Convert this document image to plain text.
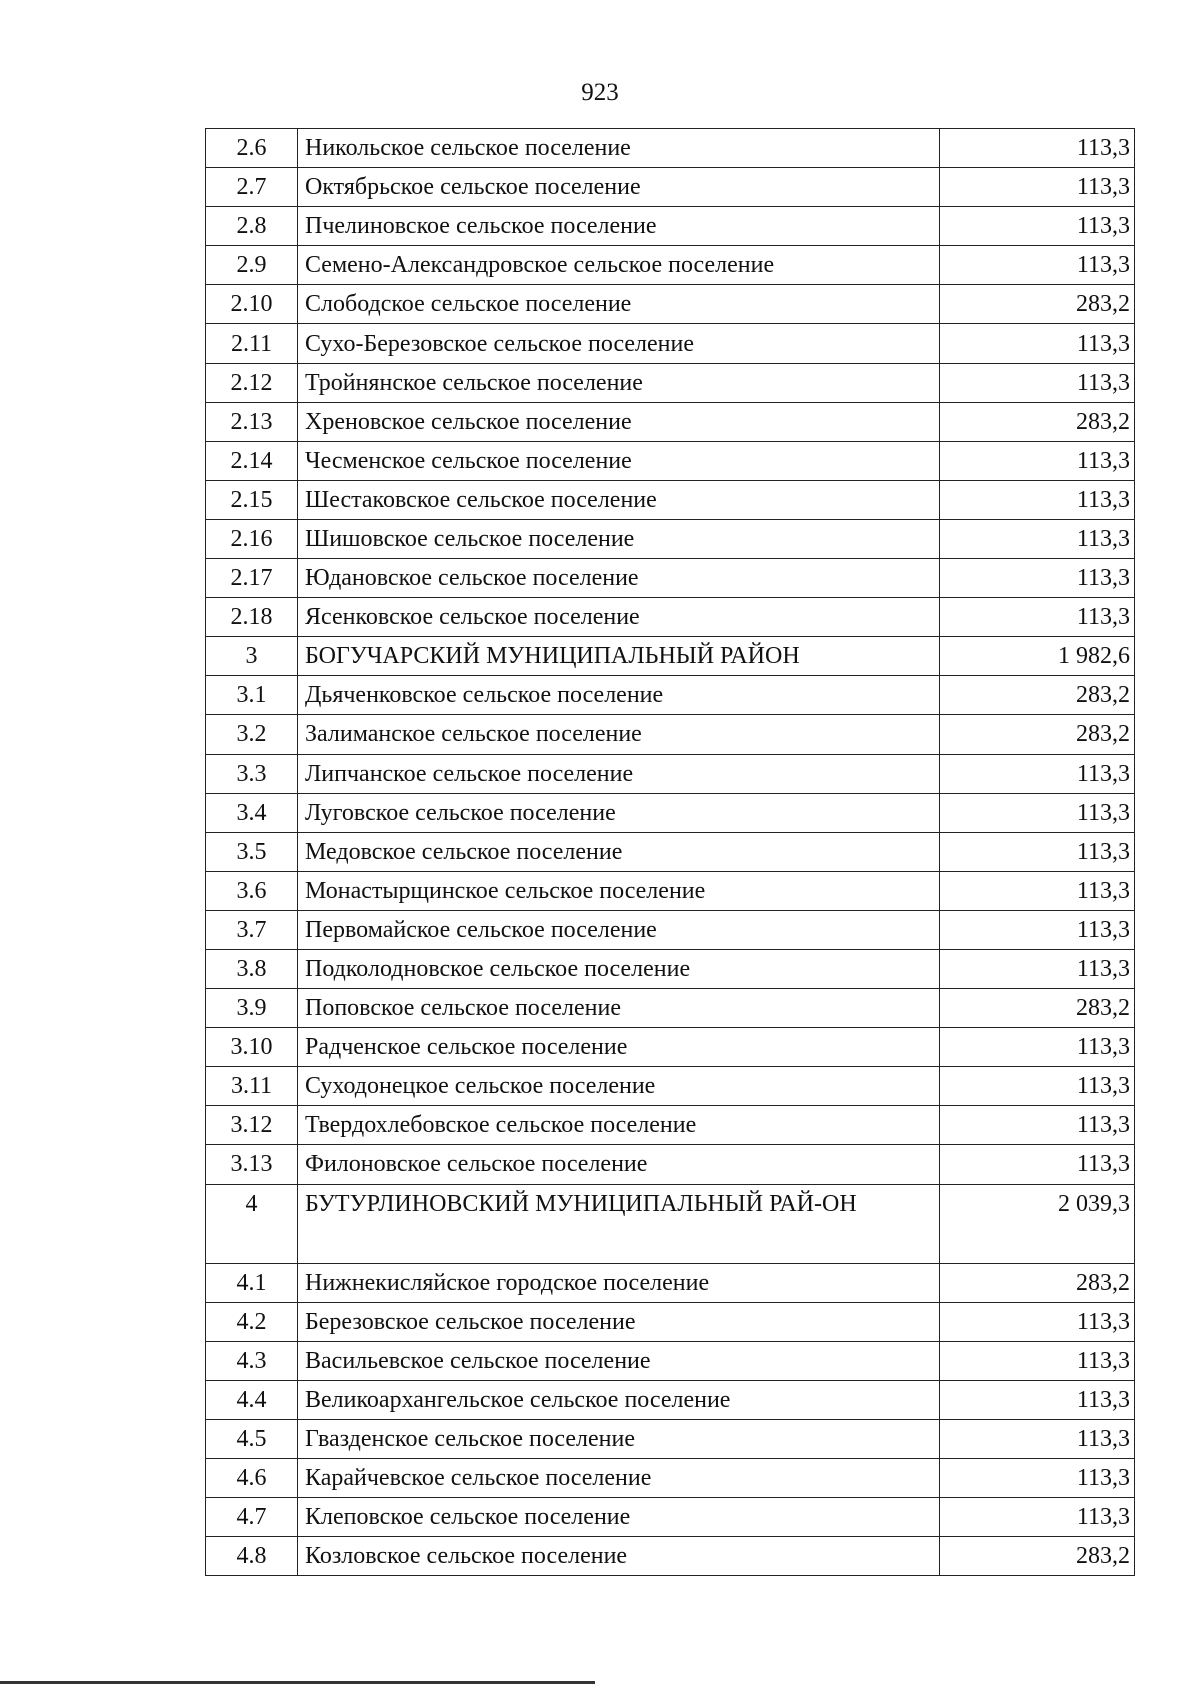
923
2.6	Никольское сельское поселение	113,3
2.7	Октябрьское сельское поселение	113,3
2.8	Пчелиновское сельское поселение	113,3
2.9	Семено-Александровское сельское поселение	113,3
2.10	Слободское сельское поселение	283,2
2.11	Сухо-Березовское сельское поселение	113,3
2.12	Тройнянское сельское поселение	113,3
2.13	Хреновское сельское поселение	283,2
2.14	Чесменское сельское поселение	113,3
2.15	Шестаковское сельское поселение	113,3
2.16	Шишовское сельское поселение	113,3
2.17	Юдановское сельское поселение	113,3
2.18	Ясенковское сельское поселение	113,3
3	БОГУЧАРСКИЙ МУНИЦИПАЛЬНЫЙ РАЙОН	1 982,6
3.1	Дьяченковское сельское поселение	283,2
3.2	Залиманское сельское поселение	283,2
3.3	Липчанское сельское поселение	113,3
3.4	Луговское сельское поселение	113,3
3.5	Медовское сельское поселение	113,3
3.6	Монастырщинское сельское поселение	113,3
3.7	Первомайское сельское поселение	113,3
3.8	Подколодновское сельское поселение	113,3
3.9	Поповское сельское поселение	283,2
3.10	Радченское сельское поселение	113,3
3.11	Суходонецкое сельское поселение	113,3
3.12	Твердохлебовское сельское поселение	113,3
3.13	Филоновское сельское поселение	113,3
4	БУТУРЛИНОВСКИЙ МУНИЦИПАЛЬНЫЙ РАЙ-ОН	2 039,3
4.1	Нижнекисляйское городское поселение	283,2
4.2	Березовское сельское поселение	113,3
4.3	Васильевское сельское поселение	113,3
4.4	Великоархангельское сельское поселение	113,3
4.5	Гвазденское сельское поселение	113,3
4.6	Карайчевское сельское поселение	113,3
4.7	Клеповское сельское поселение	113,3
4.8	Козловское сельское поселение	283,2
